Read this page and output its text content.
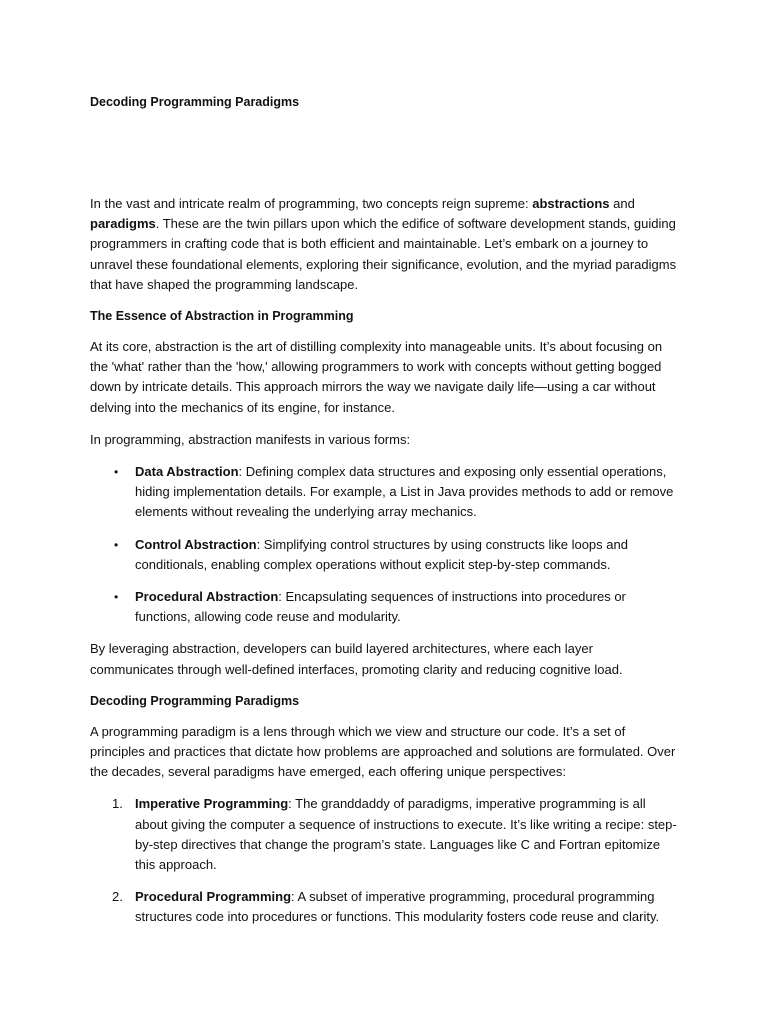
Decoding Programming Paradigms

In the vast and intricate realm of programming, two concepts reign supreme: abstractions and paradigms. These are the twin pillars upon which the edifice of software development stands, guiding programmers in crafting code that is both efficient and maintainable. Let’s embark on a journey to unravel these foundational elements, exploring their significance, evolution, and the myriad paradigms that have shaped the programming landscape.

The Essence of Abstraction in Programming

At its core, abstraction is the art of distilling complexity into manageable units. It’s about focusing on the 'what' rather than the 'how,' allowing programmers to work with concepts without getting bogged down by intricate details. This approach mirrors the way we navigate daily life—using a car without delving into the mechanics of its engine, for instance.

In programming, abstraction manifests in various forms:

• Data Abstraction: Defining complex data structures and exposing only essential operations, hiding implementation details. For example, a List in Java provides methods to add or remove elements without revealing the underlying array mechanics.
• Control Abstraction: Simplifying control structures by using constructs like loops and conditionals, enabling complex operations without explicit step-by-step commands.
• Procedural Abstraction: Encapsulating sequences of instructions into procedures or functions, allowing code reuse and modularity.

By leveraging abstraction, developers can build layered architectures, where each layer communicates through well-defined interfaces, promoting clarity and reducing cognitive load.

Decoding Programming Paradigms

A programming paradigm is a lens through which we view and structure our code. It’s a set of principles and practices that dictate how problems are approached and solutions are formulated. Over the decades, several paradigms have emerged, each offering unique perspectives:

1. Imperative Programming: The granddaddy of paradigms, imperative programming is all about giving the computer a sequence of instructions to execute. It’s like writing a recipe: step-by-step directives that change the program’s state. Languages like C and Fortran epitomize this approach.
2. Procedural Programming: A subset of imperative programming, procedural programming structures code into procedures or functions. This modularity fosters code reuse and clarity.
